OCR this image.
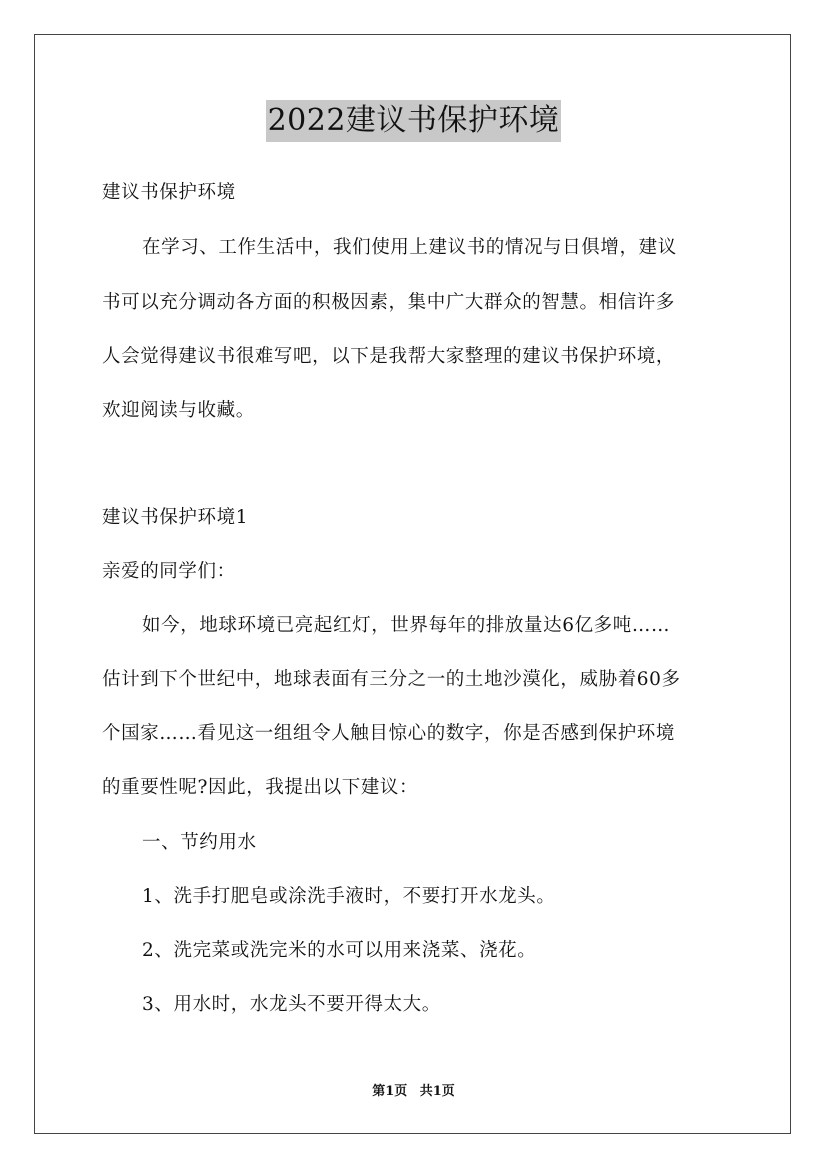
2022建议书保护环境
建议书保护环境
在学习、工作生活中，我们使用上建议书的情况与日俱增，建议
书可以充分调动各方面的积极因素，集中广大群众的智慧。相信许多
人会觉得建议书很难写吧，以下是我帮大家整理的建议书保护环境，
欢迎阅读与收藏。
建议书保护环境1
亲爱的同学们：
如今，地球环境已亮起红灯，世界每年的排放量达6亿多吨……
估计到下个世纪中，地球表面有三分之一的土地沙漠化，威胁着60多
个国家……看见这一组组令人触目惊心的数字，你是否感到保护环境
的重要性呢?因此，我提出以下建议：
一、节约用水
1、洗手打肥皂或涂洗手液时，不要打开水龙头。
2、洗完菜或洗完米的水可以用来浇菜、浇花。
3、用水时，水龙头不要开得太大。
第1页 共1页
